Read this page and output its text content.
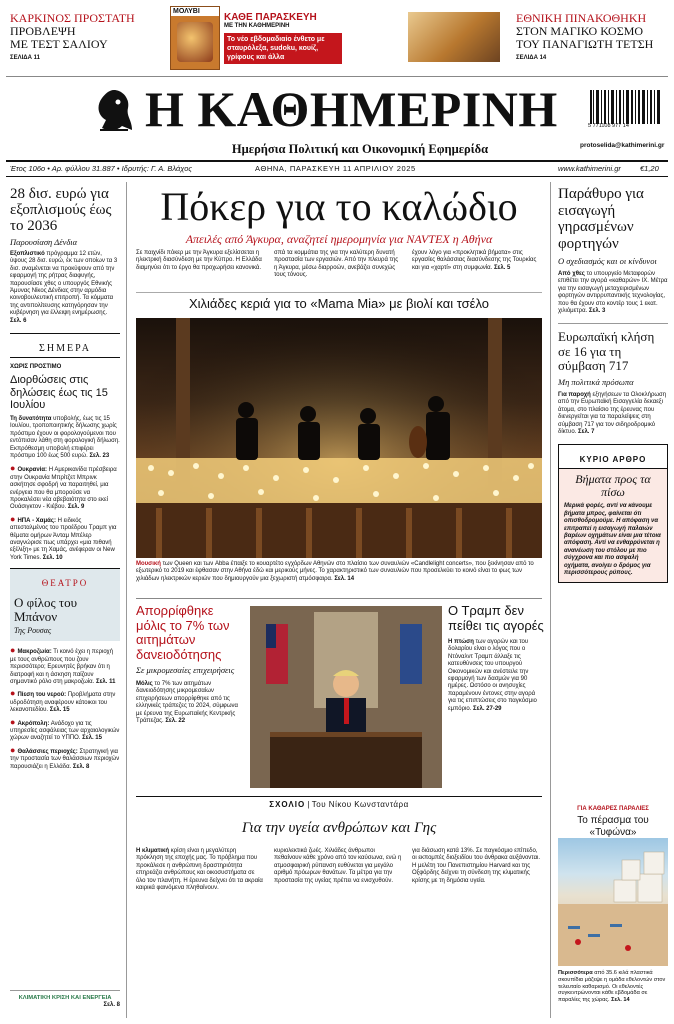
ΚΑΡΚΙΝΟΣ ΠΡΟΣΤΑΤΗ
ΠΡΟΒΛΕΨΗ
ΜΕ ΤΕΣΤ ΣΑΛΙΟΥ
ΣΕΛΙΔΑ 11
ΜΟΛΥΒΙ
ΚΑΘΕ ΠΑΡΑΣΚΕΥΗ
ΜΕ ΤΗΝ ΚΑΘΗΜΕΡΙΝΗ
Το νέο εβδομαδιαίο ένθετο με σταυρόλεξα, sudoku, κουίζ, γρίφους και άλλα
ΕΘΝΙΚΗ ΠΙΝΑΚΟΘΗΚΗ
ΣΤΟΝ ΜΑΓΙΚΟ ΚΟΣΜΟ
ΤΟΥ ΠΑΝΑΓΙΩΤΗ ΤΕΤΣΗ
ΣΕΛΙΔΑ 14
Η ΚΑΘΗΜΕΡΙΝΗ
Ημερήσια Πολιτική και Οικονομική Εφημερίδα
5 771108 977 14
protoselida@kathimerini.gr
Έτος 106ο • Αρ. φύλλου 31.887 • Ιδρυτής: Γ. Α. Βλάχος	ΑΘΗΝΑ, ΠΑΡΑΣΚΕΥΗ 11 ΑΠΡΙΛΙΟΥ 2025	www.kathimerini.gr	€1,20
28 δισ. ευρώ για εξοπλισμούς έως το 2036
Παρουσίαση Δένδια
Εξοπλιστικό πρόγραμμα 12 ετών, ύψους 28 δισ. ευρώ, έκ των οποίων τα 3 δισ. αναμένεται να προκύψουν από την εφαρμογή της ρήτρας διαφυγής, παρουσίασε χθες ο υπουργός Εθνικής Άμυνας Νίκος Δένδιας στην αρμόδια κοινοβουλευτική επιτροπή. Τα κόμματα της αντιπολίτευσης κατηγόρησαν την κυβέρνηση για έλλειψη ενημέρωσης. Σελ. 6
ΣΗΜΕΡΑ
ΧΩΡΙΣ ΠΡΟΣΤΙΜΟ
Διορθώσεις στις δηλώσεις έως τις 15 Ιουλίου
Τη δυνατότητα υποβολής, έως τις 15 Ιουλίου, τροποποιητικής δήλωσης χωρίς πρόστιμο έχουν οι φορολογούμενοι που εντόπισαν λάθη στη φορολογική δήλωση. Εκπρόθεσμη υποβολή επιφέρει πρόστιμο 100 έως 500 ευρώ. Σελ. 23
● Ουκρανία: Η Αμερικανίδα πρέσβειρα στην Ουκρανία Μπρίτζετ Μπρινκ ασκήτησε σφοδρή να παραιτηθεί, μια ενέργεια που θα μπορούσε να προκαλέσει νέα αβεβαιότητα στο εκεί Ουάσιγκτον - Κιέβου. Σελ. 9
● ΗΠΑ - Χαμάς: Η ειδικός απεσταλμένος του προέδρου Τραμπ για θέματα ομήρων Άνταμ Μπέλερ αναγνώρισε πως υπάρχει «μια πιθανή εξέλιξη» με τη Χαμάς, ανέφεραν οι New York Times. Σελ. 10
ΘΕΑΤΡΟ
Ο φίλος του Μπάνον
Της Ρουσας
● Μακροζωία: Τι κοινό έχει η περιοχή με τους ανθρώπους που ζουν περισσότερο; Ερευνητές βρήκαν ότι η διατροφή και η άσκηση παίζουν σημαντικό ρόλο στη μακροζωία. Σελ. 11
● Πίεση του νερού: Προβλήματα στην υδροδότηση αναφέρουν κάτοικοι του λεκανοπεδίου. Σελ. 15
● Ακρόπολη: Ανάδοχο για τις υπηρεσίες ασφάλειας των αρχαιολογικών χώρων αναζητεί το ΥΠΠΟ. Σελ. 15
● Θαλάσσιες περιοχές: Στρατηγική για την προστασία των θαλάσσιων περιοχών παρουσιάζει η Ελλάδα. Σελ. 8
ΚΛΙΜΑΤΙΚΗ ΚΡΙΣΗ ΚΑΙ ΕΝΕΡΓΕΙΑ
Σελ. 8
Πόκερ για το καλώδιο
Απειλές από Άγκυρα, αναζητεί ημερομηνία για NAVTEX η Αθήνα
Σε παιχνίδι πόκερ με την Άγκυρα εξελίσσεται η ηλεκτρική διασύνδεση με την Κύπρο. Η Ελλάδα διαμηνύει ότι το έργο θα προχωρήσει κανονικά.
σπά τα κομμάτια της για την καλύτερη δυνατή προστασία των εργασιών. Από την πλευρά της η Άγκυρα, μέσω διαρροών, ανεβάζει συνεχώς τους τόνους.
έχουν λόγο για «προκλητικά βήματα» στις εργασίες θαλάσσιας διασύνδεσης της Τουρκίας και για «χαρτί» στη συμφωνία. Σελ. 5
Χιλιάδες κεριά για το «Mama Mia» με βιολί και τσέλο
Μουσική των Queen και των Abba έπαιξε το κουαρτέτο εγχόρδων Αθηνών στο πλαίσιο των συναυλιών «Candlelight concerts», που ξεκίνησαν από το εξωτερικό το 2019 και έφθασαν στην Αθήνα έδώ και μερικούς μήνες. Το χαρακτηριστικό των συναυλιών που προσελκύει το κοινό είναι το φως των χιλιάδων ηλεκτρικών κεριών που δημιουργούν μια ξεχωριστή ατμόσφαιρα. Σελ. 14
Απορρίφθηκε μόλις το 7% των αιτημάτων δανειοδότησης
Σε μικρομεσαίες επιχειρήσεις
Μόλις το 7% των αιτημάτων δανειοδότησης μικρομεσαίων επιχειρήσεων απορρίφθηκε από τις ελληνικές τράπεζες το 2024, σύμφωνα με έρευνα της Ευρωπαϊκής Κεντρικής Τράπεζας. Σελ. 22
Ο Τραμπ δεν πείθει τις αγορές
Η πτώση των αγορών και του δολαρίου είναι ο λόγος που ο Ντόναλντ Τραμπ άλλαξε τις κατευθύνσεις του υπουργού Οικονομικών και ανέστειλε την εφαρμογή των δασμών για 90 ημέρες. Ωστόσο οι ανησυχίες παραμένουν έντονες στην αγορά για τις επιπτώσεις στο παγκόσμιο εμπόριο. Σελ. 27-29
ΣΧΟΛΙΟ | Του Νίκου Κωνσταντάρα
Για την υγεία ανθρώπων και Γης
Η κλιματική κρίση είναι η μεγαλύτερη πρόκληση της εποχής μας. Το πρόβλημα που προκάλεσε η ανθρώπινη δραστηριότητα επηρεάζει ανθρώπους και οικοσυστήματα σε όλο τον πλανήτη. Η έρευνα δείχνει ότι τα ακραία καιρικά φαινόμενα πληθαίνουν.
κυριολεκτικά ζωές. Χιλιάδες άνθρωποι πεθαίνουν κάθε χρόνο από τον καύσωνα, ενώ η ατμοσφαιρική ρύπανση ευθύνεται για μεγάλο αριθμό πρόωρων θανάτων. Τα μέτρα για την προστασία της υγείας πρέπει να ενισχυθούν.
για διάσωση κατά 13%. Σε παγκόσμιο επίπεδο, οι εκπομπές διοξειδίου του άνθρακα αυξάνονται. Η μελέτη του Πανεπιστημίου Harvard και της Οξφόρδης δείχνει τη σύνδεση της κλιματικής κρίσης με τη δημόσια υγεία.
Παράθυρο για εισαγωγή γηρασμένων φορτηγών
Ο σχεδιασμός και οι κίνδυνοι
Από χθες το υπουργείο Μεταφορών επιθέτει την αγορά «καθαρών» ΙΧ. Μέτρα για την εισαγωγή μεταχειρισμένων φορτηγών αντιρρυπαντικής τεχνολογίας, που θα έχουν στο κοντέρ τους 1 εκατ. χιλιόμετρα. Σελ. 3
Ευρωπαϊκή κλήση σε 16 για τη σύμβαση 717
Μη πολιτικά πρόσωπα
Για παροχή εξηγήσεων τα Ολοκλήρωση από την Ευρωπαϊκή Εισαγγελία δεκαεξι άτομα, στο πλαίσιο της έρευνας που διενεργείται για τα παραλείψεις στη σύμβαση 717 για τον σιδηροδρομικό δίκτυο. Σελ. 7
ΚΥΡΙΟ ΑΡΘΡΟ
Βήματα προς τα πίσω
Μερικά φορές, αντί να κάνουμε βήματα μπρος, φαίνεται ότι οπισθοδρομούμε. Η απόφαση να επιτραπεί η εισαγωγή παλαιών βαρέων οχημάτων είναι μια τέτοια απόφαση. Αντί να ενθαρρύνεται η ανανέωση του στόλου με πιο σύγχρονα και πιο ασφαλή οχήματα, ανοίγει ο δρόμος για περισσότερους ρύπους.
ΓΙΑ ΚΑΘΑΡΕΣ ΠΑΡΑΛΙΕΣ
Το πέρασμα του «Τυφώνα»
Περισσότερα από 35.6 κιλά πλαστικά σκουπίδια μάζεψε η ομάδα εθελοντών στον τελευταίο καθαρισμό. Οι εθελοντές συγκεντρώνονται κάθε εβδομάδα σε παραλίες της χώρας. Σελ. 14
